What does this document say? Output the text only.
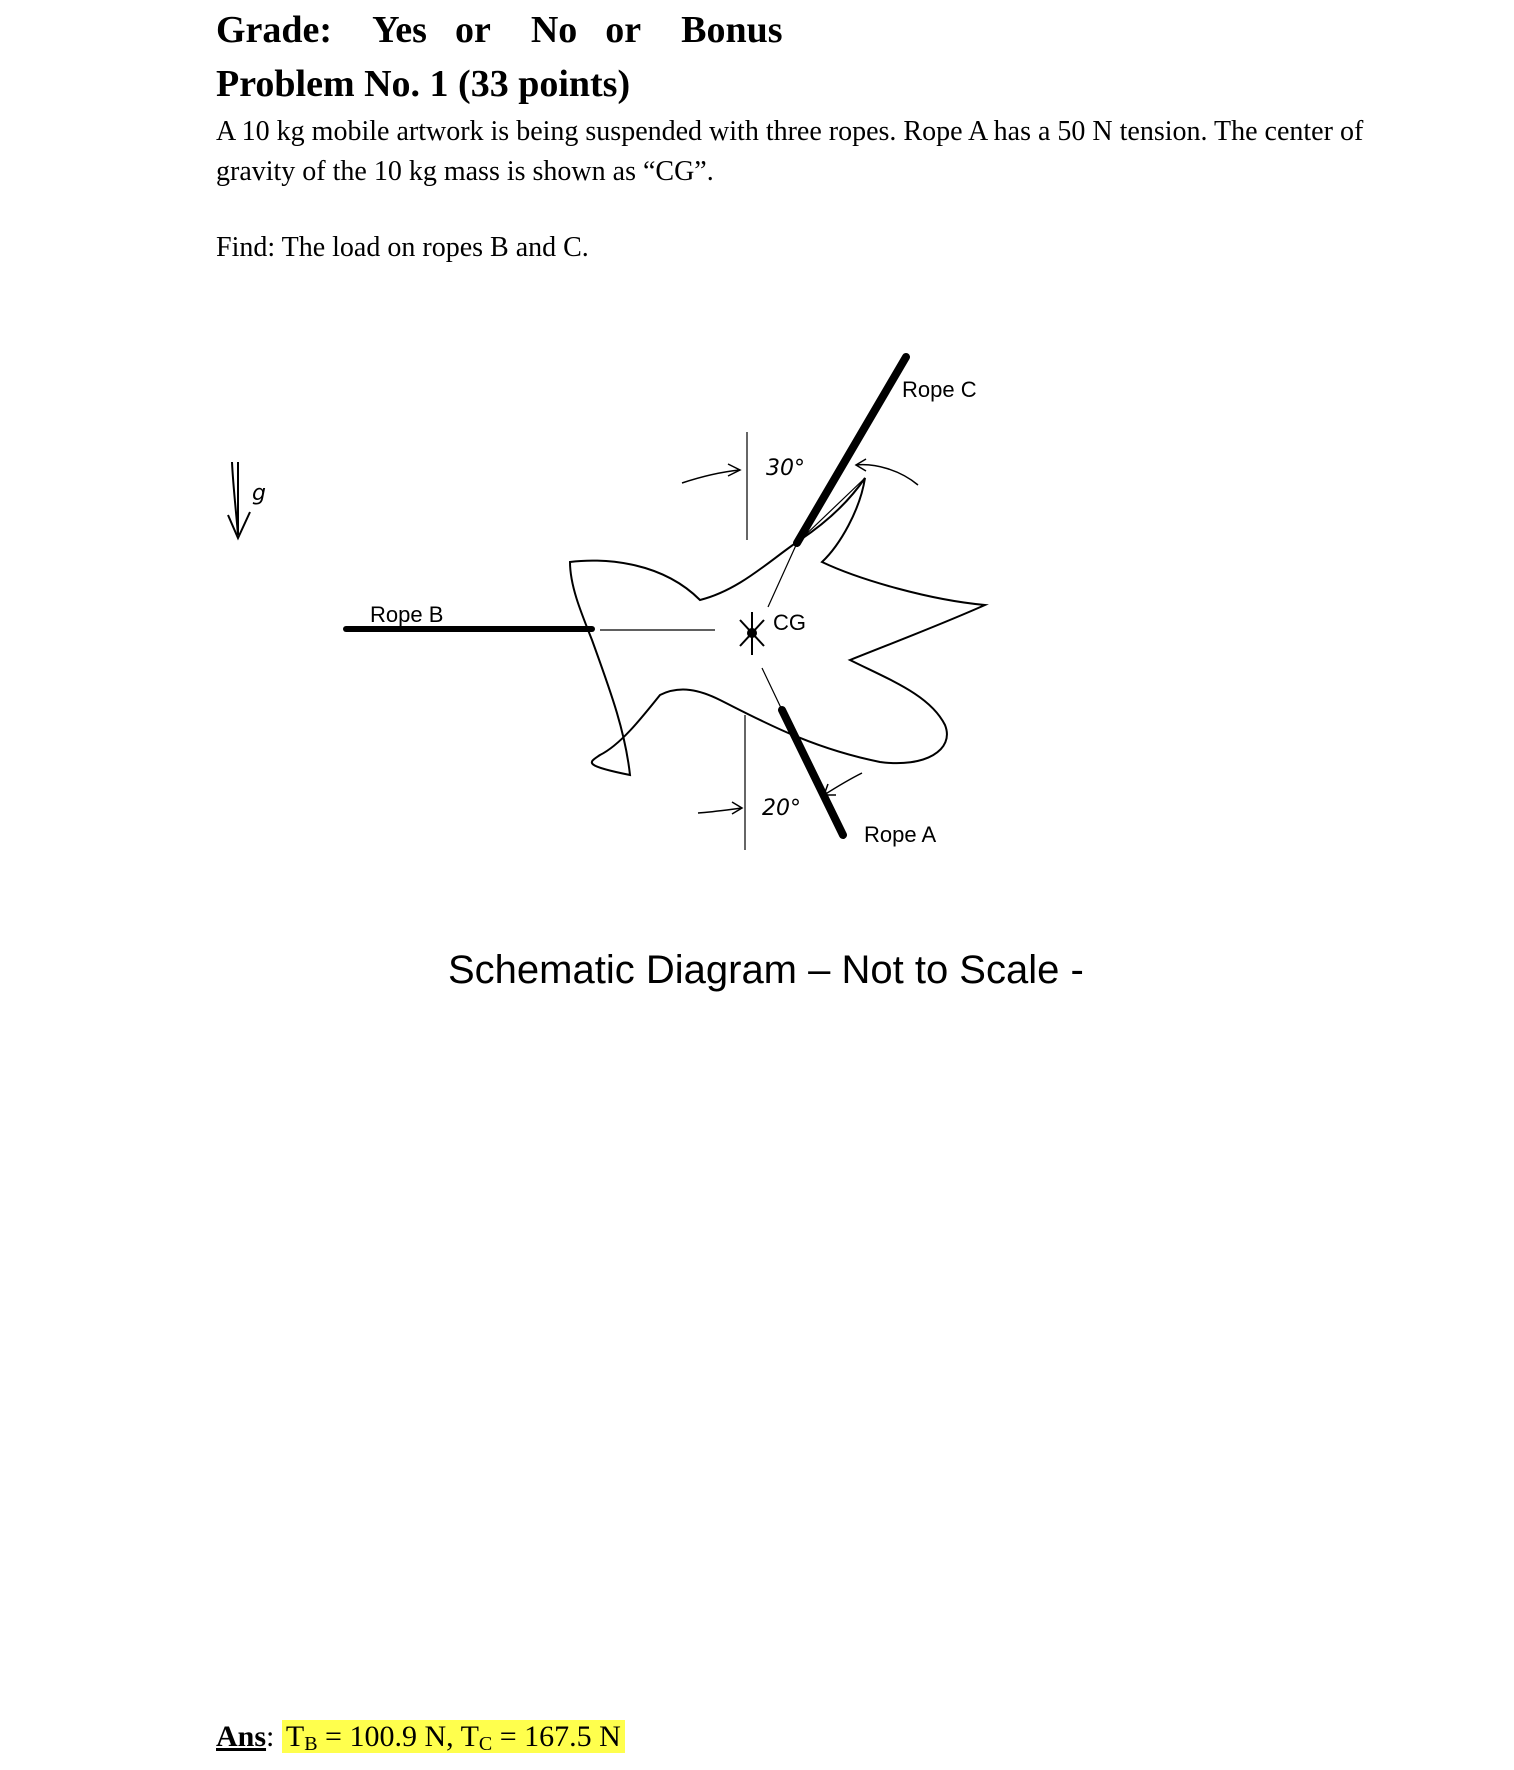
Grade: Yes or No or Bonus
Problem No. 1 (33 points)
A 10 kg mobile artwork is being suspended with three ropes. Rope A has a 50 N tension. The center of gravity of the 10 kg mass is shown as “CG”.
Find: The load on ropes B and C.
g
Rope B
Rope C
Rope A
CG
30°
20°
Schematic Diagram – Not to Scale -
Ans: $T_B = 100.9$ N, $T_C = 167.5$ N
